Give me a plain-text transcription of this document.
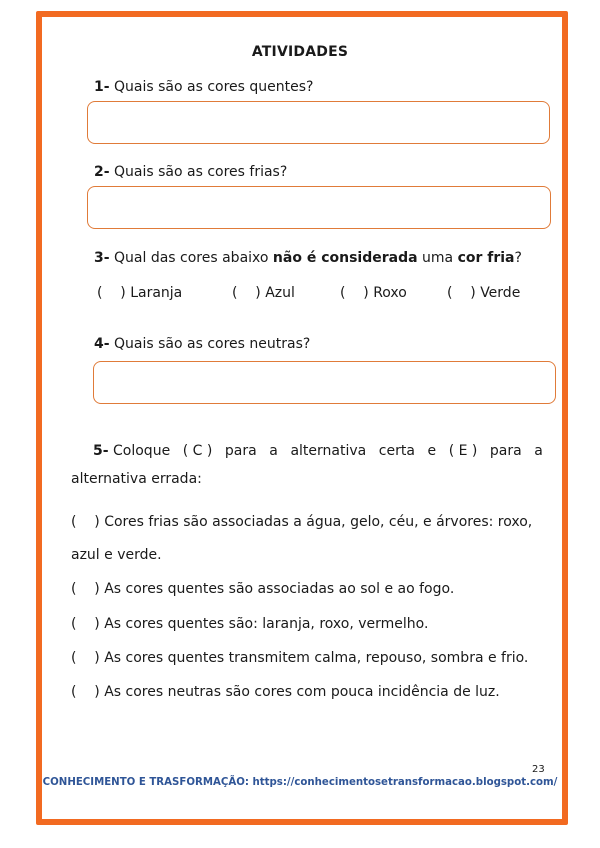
ATIVIDADES
1- Quais são as cores quentes?
2- Quais são as cores frias?
3- Qual das cores abaixo não é considerada uma cor fria?
(    ) Laranja	(    ) Azul	(    ) Roxo	(    ) Verde
4- Quais são as cores neutras?
5- Coloque ( C ) para a alternativa certa e ( E ) para a
alternativa errada:
(    ) Cores frias são associadas a água, gelo, céu, e árvores: roxo,
azul e verde.
(    ) As cores quentes são associadas ao sol e ao fogo.
(    ) As cores quentes são: laranja, roxo, vermelho.
(    ) As cores quentes transmitem calma, repouso, sombra e frio.
(    ) As cores neutras são cores com pouca incidência de luz.
23
CONHECIMENTO E TRASFORMAÇÃO: https://conhecimentosetransformacao.blogspot.com/
